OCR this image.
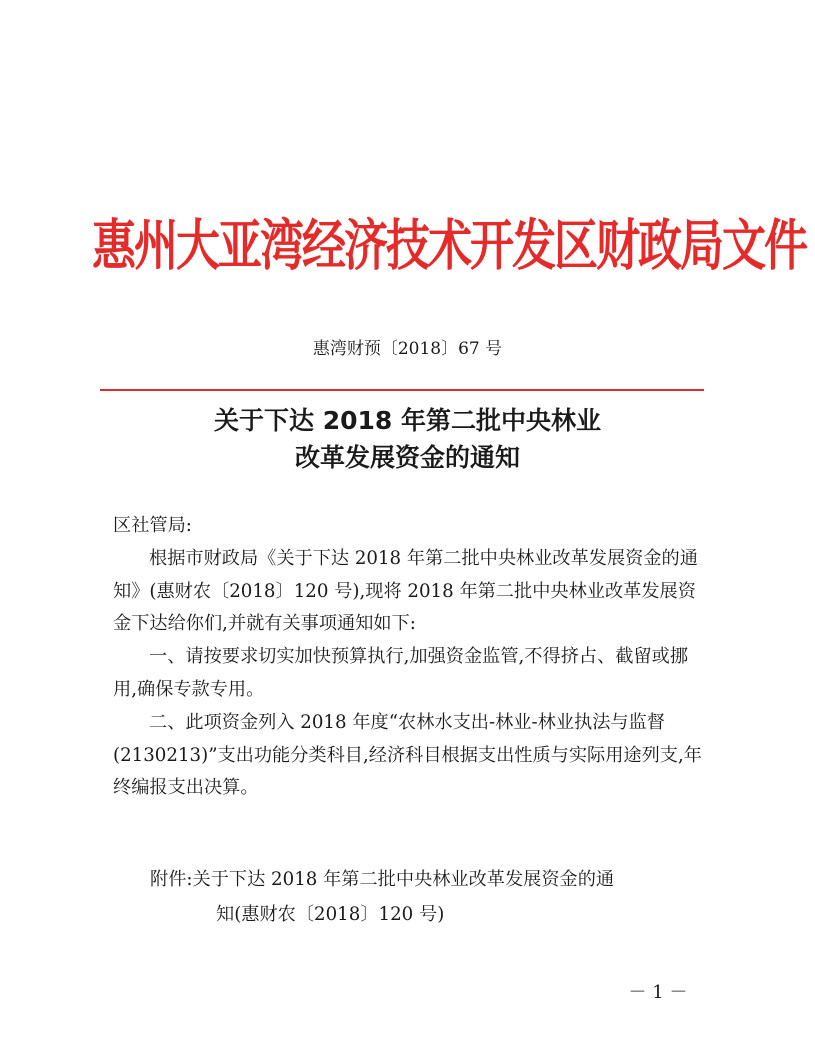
惠州大亚湾经济技术开发区财政局文件
惠湾财预〔2018〕67 号
关于下达 2018 年第二批中央林业
改革发展资金的通知

区社管局:

根据市财政局《关于下达 2018 年第二批中央林业改革发展资金的通知》(惠财农〔2018〕120 号),现将 2018 年第二批中央林业改革发展资金下达给你们,并就有关事项通知如下:

一、请按要求切实加快预算执行,加强资金监管,不得挤占、截留或挪用,确保专款专用。

二、此项资金列入 2018 年度“农林水支出-林业-林业执法与监督(2130213)”支出功能分类科目,经济科目根据支出性质与实际用途列支,年终编报支出决算。

附件:关于下达 2018 年第二批中央林业改革发展资金的通
知(惠财农〔2018〕120 号)
－ 1 －
